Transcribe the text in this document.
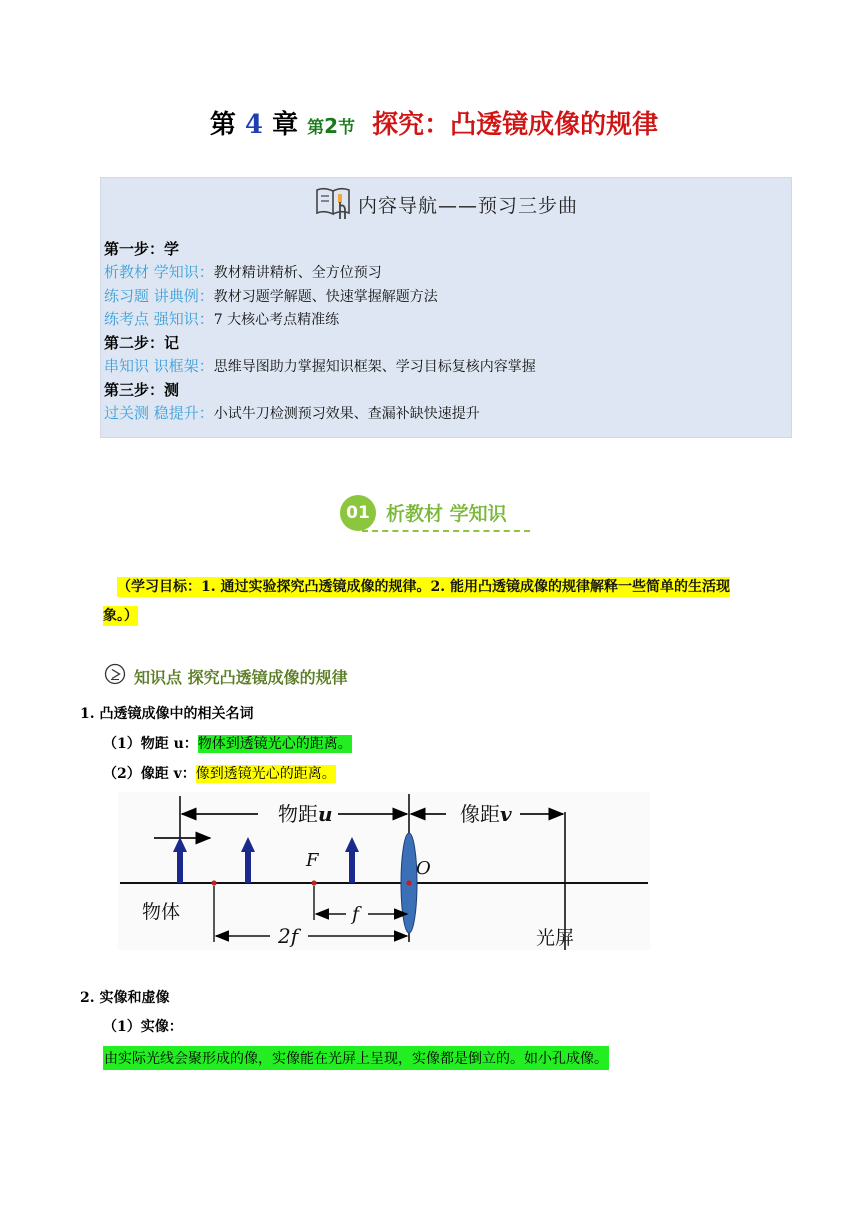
第 4 章 第2节 探究：凸透镜成像的规律
内容导航——预习三步曲
第一步：学
析教材 学知识：教材精讲精析、全方位预习
练习题 讲典例：教材习题学解题、快速掌握解题方法
练考点 强知识：7 大核心考点精准练
第二步：记
串知识 识框架：思维导图助力掌握知识框架、学习目标复核内容掌握
第三步：测
过关测 稳提升：小试牛刀检测预习效果、查漏补缺快速提升
01 析教材 学知识
（学习目标：1. 通过实验探究凸透镜成像的规律。2. 能用凸透镜成像的规律解释一些简单的生活现
象。）
知识点 探究凸透镜成像的规律
1. 凸透镜成像中的相关名词
（1）物距 u：物体到透镜光心的距离。
（2）像距 v：像到透镜光心的距离。
物距 u	像距 v
F	O
f
2f
物体
光屏
2. 实像和虚像
（1）实像：
由实际光线会聚形成的像，实像能在光屏上呈现，实像都是倒立的。如小孔成像。
